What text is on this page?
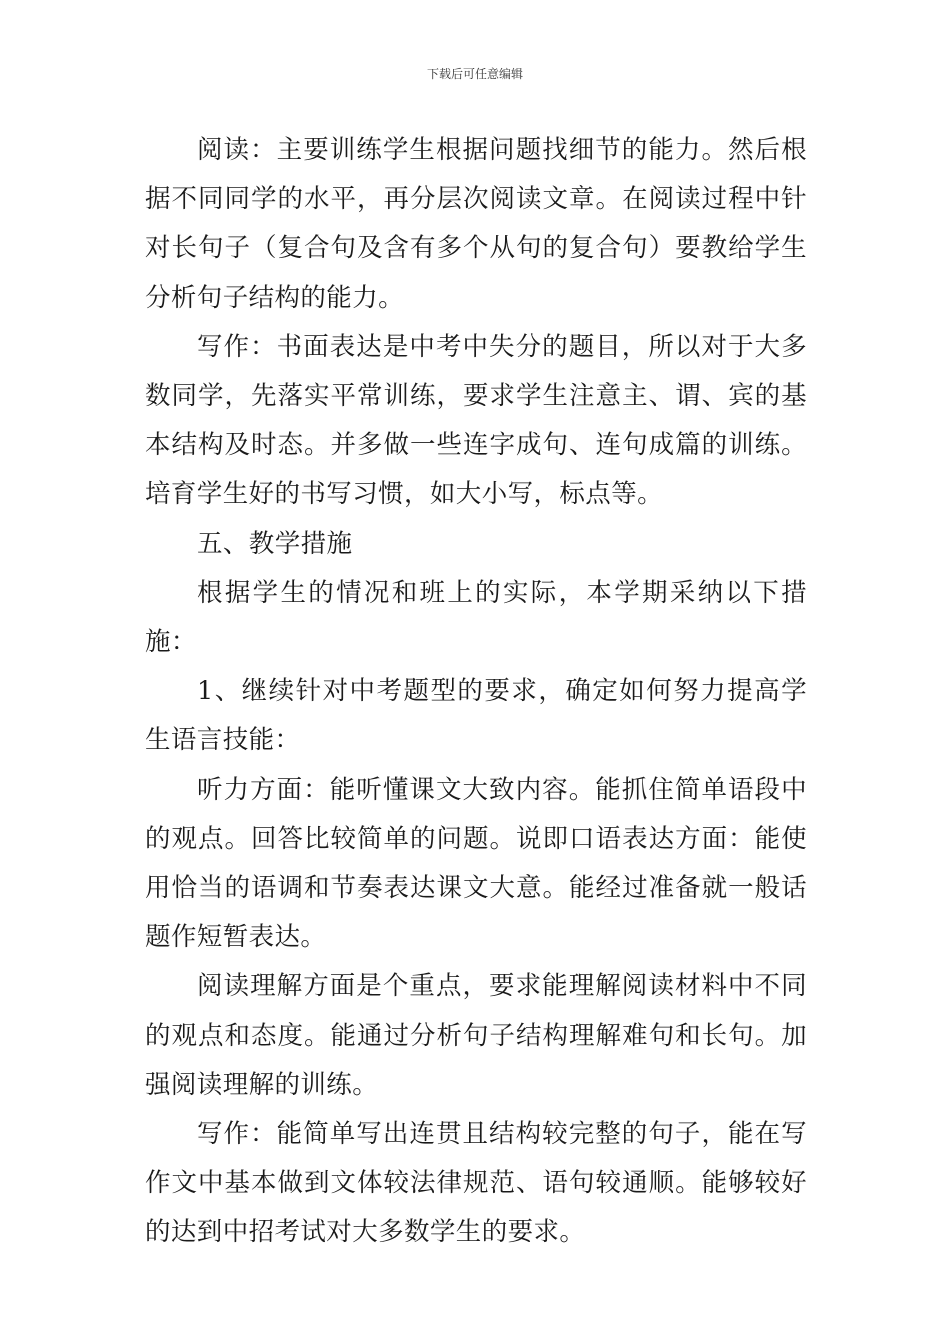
下载后可任意编辑

阅读：主要训练学生根据问题找细节的能力。然后根据不同同学的水平，再分层次阅读文章。在阅读过程中针对长句子（复合句及含有多个从句的复合句）要教给学生分析句子结构的能力。

写作：书面表达是中考中失分的题目，所以对于大多数同学，先落实平常训练，要求学生注意主、谓、宾的基本结构及时态。并多做一些连字成句、连句成篇的训练。培育学生好的书写习惯，如大小写，标点等。

五、教学措施

根据学生的情况和班上的实际，本学期采纳以下措施：

1、继续针对中考题型的要求，确定如何努力提高学生语言技能：

听力方面：能听懂课文大致内容。能抓住简单语段中的观点。回答比较简单的问题。说即口语表达方面：能使用恰当的语调和节奏表达课文大意。能经过准备就一般话题作短暂表达。

阅读理解方面是个重点，要求能理解阅读材料中不同的观点和态度。能通过分析句子结构理解难句和长句。加强阅读理解的训练。

写作：能简单写出连贯且结构较完整的句子，能在写作文中基本做到文体较法律规范、语句较通顺。能够较好的达到中招考试对大多数学生的要求。
